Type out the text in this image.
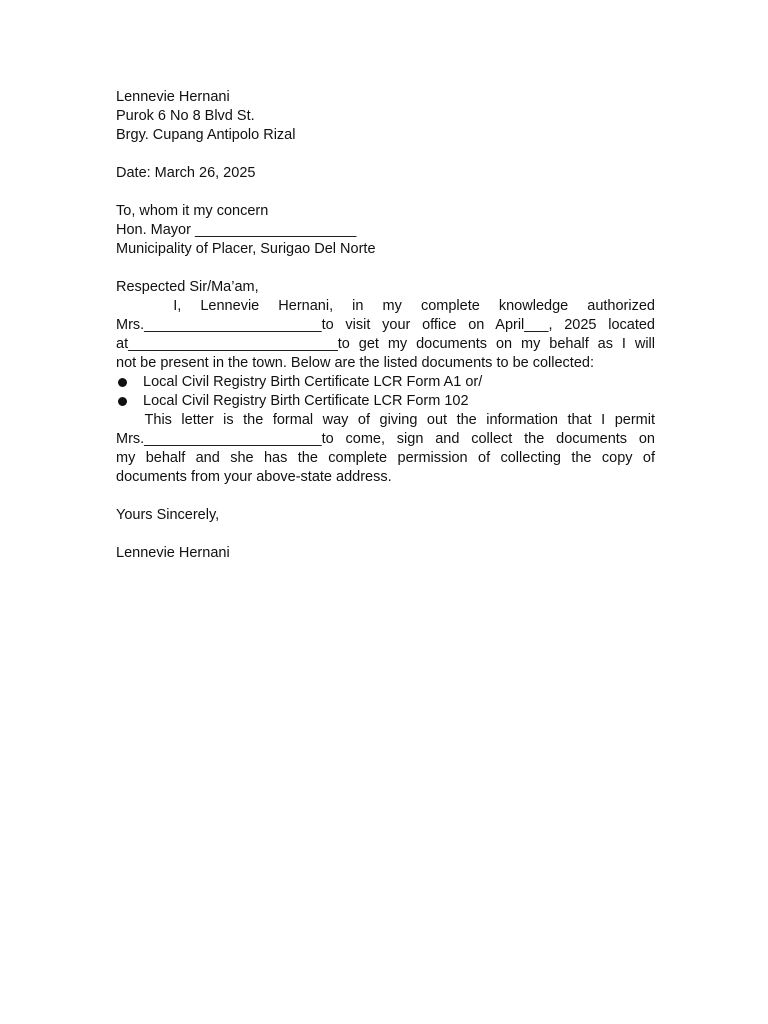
Lennevie Hernani
Purok 6 No 8 Blvd St.
Brgy. Cupang Antipolo Rizal
Date: March 26, 2025
To, whom it my concern
Hon. Mayor ____________________
Municipality of Placer, Surigao Del Norte
Respected Sir/Ma’am,
I, Lennevie Hernani, in my complete knowledge authorized
Mrs.______________________to visit your office on April___, 2025 located
at__________________________to get my documents on my behalf as I will
not be present in the town. Below are the listed documents to be collected:
Local Civil Registry Birth Certificate LCR Form A1 or/
Local Civil Registry Birth Certificate LCR Form 102
This letter is the formal way of giving out the information that I permit
Mrs.______________________to come, sign and collect the documents on
my behalf and she has the complete permission of collecting the copy of
documents from your above-state address.
Yours Sincerely,
Lennevie Hernani
